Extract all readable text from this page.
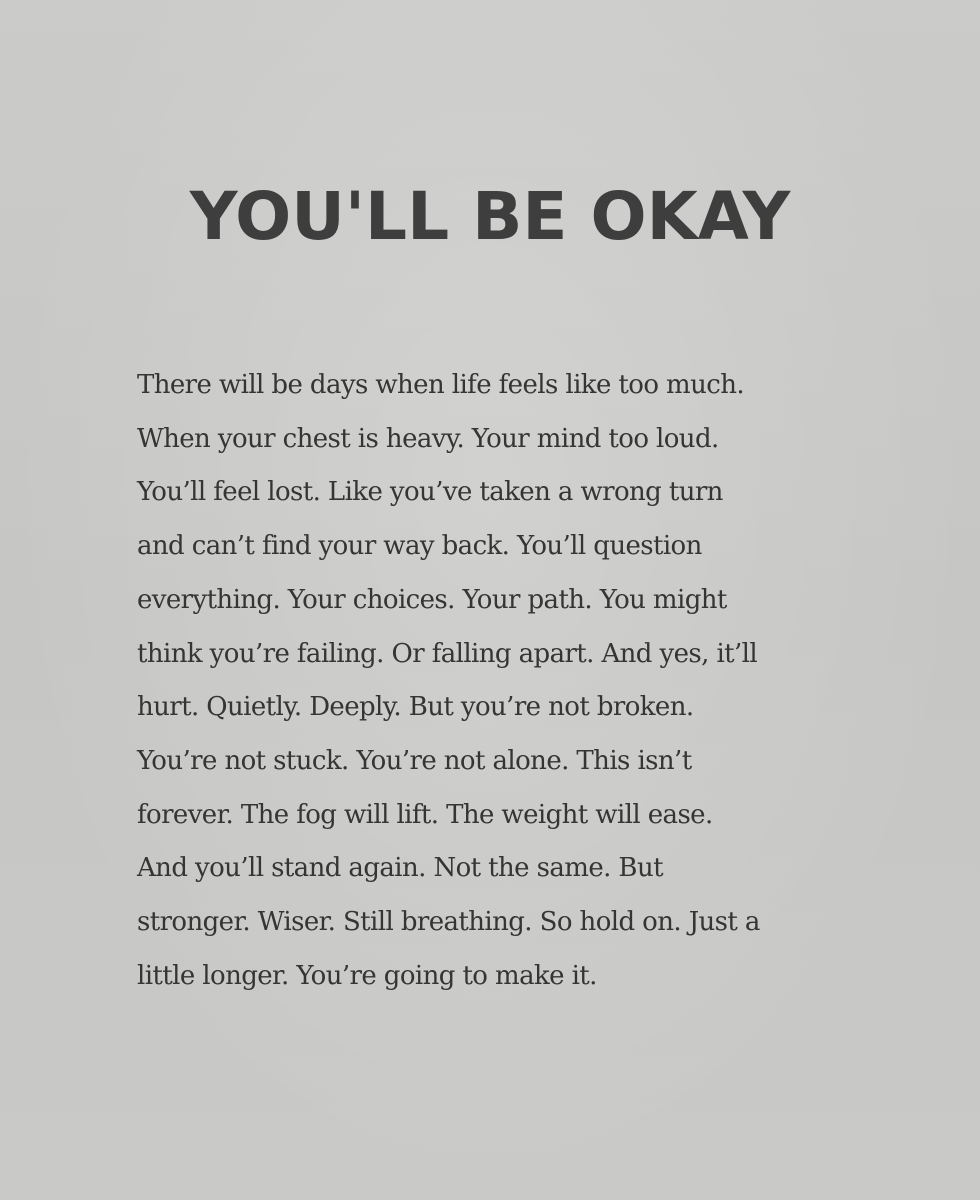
YOU'LL BE OKAY
There will be days when life feels like too much.
When your chest is heavy. Your mind too loud.
You’ll feel lost. Like you’ve taken a wrong turn
and can’t find your way back. You’ll question
everything. Your choices. Your path. You might
think you’re failing. Or falling apart. And yes, it’ll
hurt. Quietly. Deeply. But you’re not broken.
You’re not stuck. You’re not alone. This isn’t
forever. The fog will lift. The weight will ease.
And you’ll stand again. Not the same. But
stronger. Wiser. Still breathing. So hold on. Just a
little longer. You’re going to make it.
